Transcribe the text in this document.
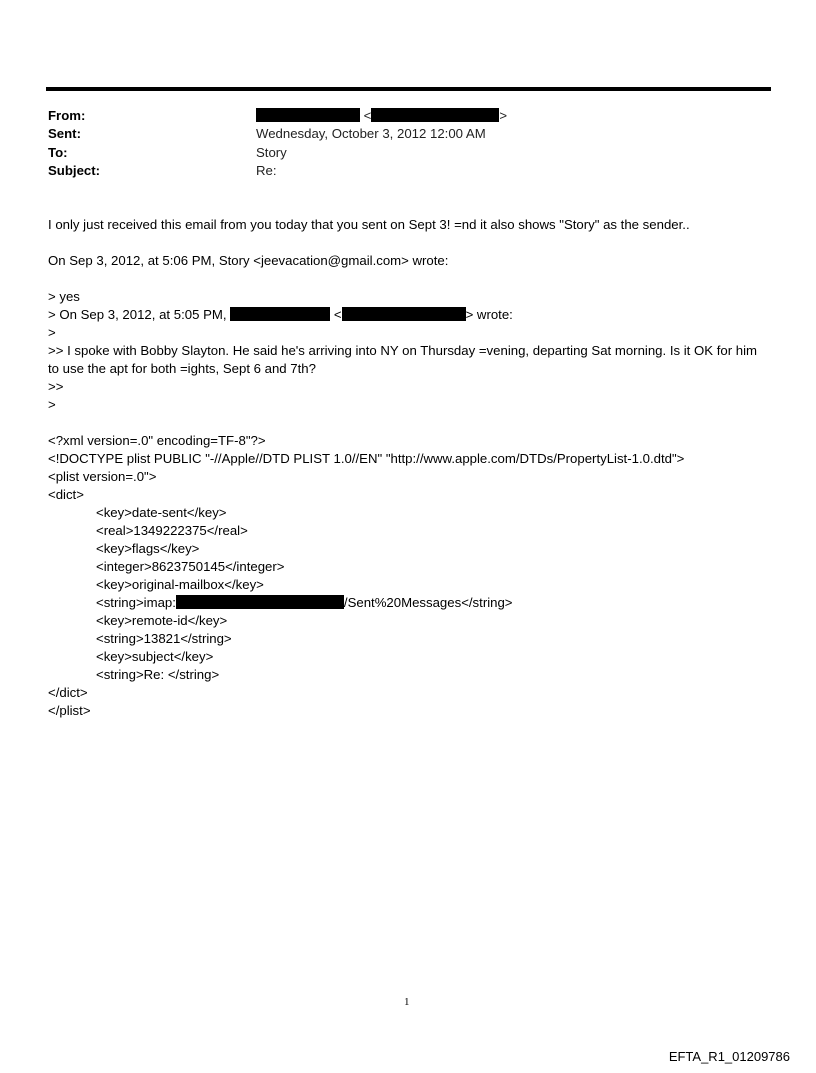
From:	<	>
Sent:	Wednesday, October 3, 2012 12:00 AM
To:	Story
Subject:	Re:
I only just received this email from you today that you sent on Sept 3! =nd it also shows "Story" as the sender..
On Sep 3, 2012, at 5:06 PM, Story <jeevacation@gmail.com> wrote:
> yes
> On Sep 3, 2012, at 5:05 PM,	<	> wrote:
>
>> I spoke with Bobby Slayton. He said he's arriving into NY on Thursday =vening, departing Sat morning. Is it OK for him
to use the apt for both =ights, Sept 6 and 7th?
>>
>
<?xml version=.0" encoding=TF-8"?>
<!DOCTYPE plist PUBLIC "-//Apple//DTD PLIST 1.0//EN" "http://www.apple.com/DTDs/PropertyList-1.0.dtd">
<plist version=.0">
<dict>
<key>date-sent</key>
<real>1349222375</real>
<key>flags</key>
<integer>8623750145</integer>
<key>original-mailbox</key>
<string>imap:	/Sent%20Messages</string>
<key>remote-id</key>
<string>13821</string>
<key>subject</key>
<string>Re: </string>
</dict>
</plist>
1
EFTA_R1_01209786
